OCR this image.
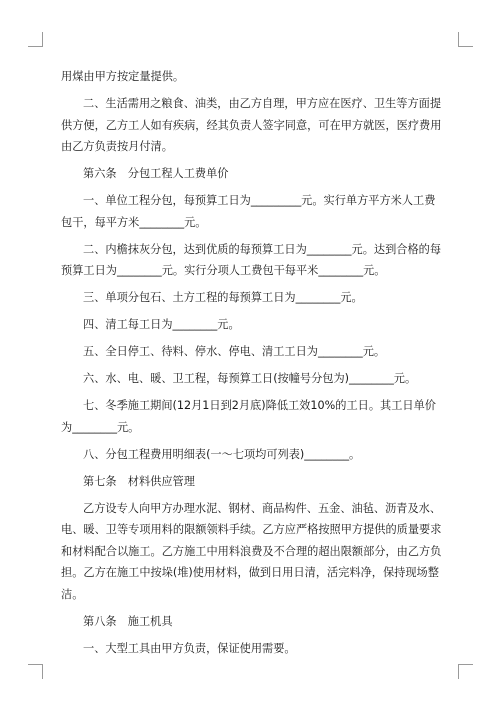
用煤由甲方按定量提供。

二、生活需用之粮食、油类，由乙方自理，甲方应在医疗、卫生等方面提供方便，乙方工人如有疾病，经其负责人签字同意，可在甲方就医，医疗费用由乙方负责按月付清。

第六条　分包工程人工费单价

一、单位工程分包，每预算工日为_________元。实行单方平方米人工费包干，每平方米________元。

二、内檐抹灰分包，达到优质的每预算工日为________元。达到合格的每预算工日为________元。实行分项人工费包干每平米________元。

三、单项分包石、土方工程的每预算工日为________元。

四、清工每工日为________元。

五、全日停工、待料、停水、停电、清工工日为________元。

六、水、电、暖、卫工程，每预算工日(按幢号分包为)________元。

七、冬季施工期间(12月1日到2月底)降低工效10%的工日。其工日单价为________元。

八、分包工程费用明细表(一～七项均可列表)________。

第七条　材料供应管理

乙方设专人向甲方办理水泥、钢材、商品构件、五金、油毡、沥青及水、电、暖、卫等专项用料的限额领料手续。乙方应严格按照甲方提供的质量要求和材料配合以施工。乙方施工中用料浪费及不合理的超出限额部分，由乙方负担。乙方在施工中按垛(堆)使用材料，做到日用日清，活完料净，保持现场整洁。

第八条　施工机具

一、大型工具由甲方负责，保证使用需要。
